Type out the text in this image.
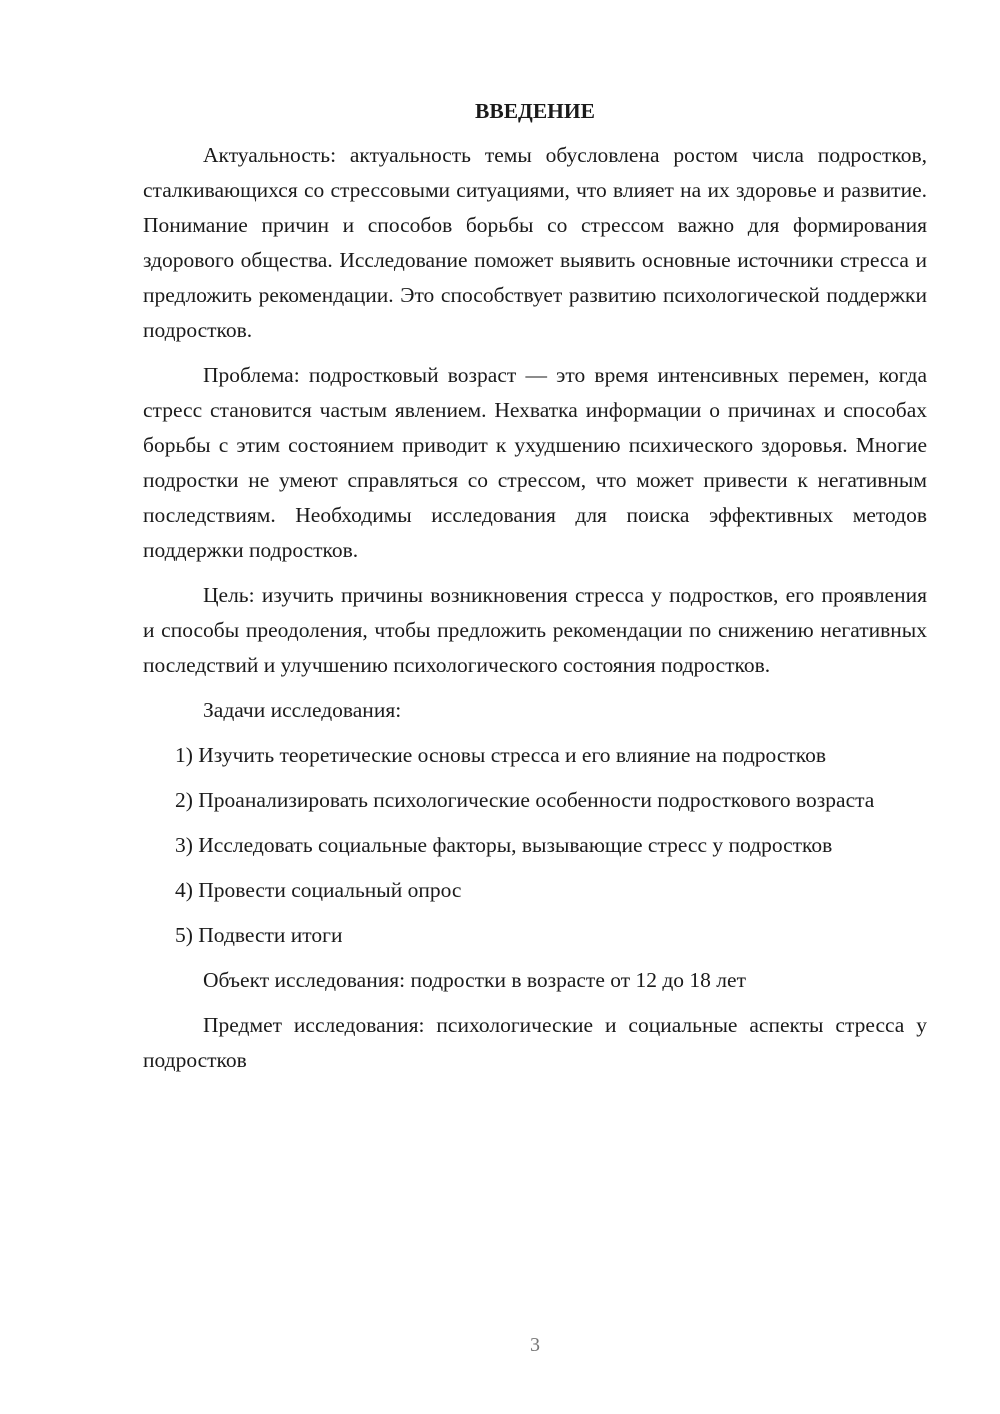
ВВЕДЕНИЕ

Актуальность: актуальность темы обусловлена ростом числа подростков, сталкивающихся со стрессовыми ситуациями, что влияет на их здоровье и развитие. Понимание причин и способов борьбы со стрессом важно для формирования здорового общества. Исследование поможет выявить основные источники стресса и предложить рекомендации. Это способствует развитию психологической поддержки подростков.

Проблема: подростковый возраст — это время интенсивных перемен, когда стресс становится частым явлением. Нехватка информации о причинах и способах борьбы с этим состоянием приводит к ухудшению психического здоровья. Многие подростки не умеют справляться со стрессом, что может привести к негативным последствиям. Необходимы исследования для поиска эффективных методов поддержки подростков.

Цель: изучить причины возникновения стресса у подростков, его проявления и способы преодоления, чтобы предложить рекомендации по снижению негативных последствий и улучшению психологического состояния подростков.

Задачи исследования:

1) Изучить теоретические основы стресса и его влияние на подростков

2) Проанализировать психологические особенности подросткового возраста

3) Исследовать социальные факторы, вызывающие стресс у подростков

4) Провести социальный опрос

5) Подвести итоги

Объект исследования: подростки в возрасте от 12 до 18 лет

Предмет исследования: психологические и социальные аспекты стресса у подростков

3
